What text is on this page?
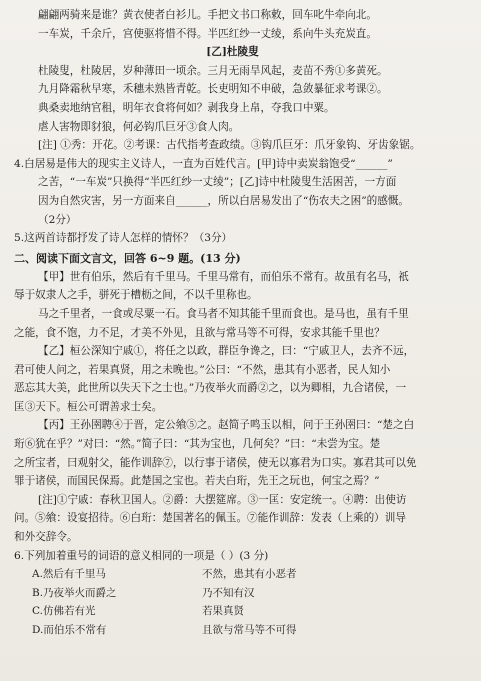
翩翩两骑来是谁？黄衣使者白衫儿。手把文书口称敕，回车叱牛牵向北。
一车炭，千余斤，宫使驱将惜不得。半匹红纱一丈绫，系向牛头充炭直。
[乙]杜陵叟
杜陵叟，杜陵居，岁种薄田一顷余。三月无雨旱风起，麦苗不秀①多黄死。
九月降霜秋早寒，禾穗未熟皆青乾。长吏明知不申破，急敛暴征求考课②。
典桑卖地纳官租，明年衣食将何如？剥我身上帛，夺我口中粟。
虐人害物即豺狼，何必钩爪巨牙③食人肉。
[注] ①秀：开花。②考课：古代指考查政绩。③钩爪巨牙：爪牙象钩、牙齿象锯。
4.白居易是伟大的现实主义诗人，一直为百姓代言。[甲]诗中卖炭翁饱受“______”
之苦，“一车炭”只换得“半匹红纱一丈绫”；[乙]诗中杜陵叟生活困苦，一方面
因为自然灾害，另一方面来自______，所以白居易发出了“伤农夫之困”的感慨。
（2分）
5.这两首诗都抒发了诗人怎样的情怀？（3分）
二、阅读下面文言文，回答 6~9 题。(13 分)
【甲】世有伯乐，然后有千里马。千里马常有，而伯乐不常有。故虽有名马，祇
辱于奴隶人之手，骈死于槽枥之间，不以千里称也。
马之千里者，一食或尽粟一石。食马者不知其能千里而食也。是马也，虽有千里
之能，食不饱，力不足，才美不外见，且欲与常马等不可得，安求其能千里也？
【乙】桓公深知宁戚①，将任之以政，群臣争谗之，曰：“宁戚卫人，去齐不远，
君可使人问之，若果真贤，用之未晚也。”公曰：“不然，患其有小恶者，民人知小
恶忘其大美，此世所以失天下之士也。”乃夜举火而爵②之，以为卿相，九合诸侯，一
匡③天下。桓公可谓善求士矣。
【丙】王孙圉聘④于晋，定公飨⑤之。赵简子鸣玉以相，问于王孙圉曰：“楚之白
珩⑥犹在乎？”对曰：“然。”简子曰：“其为宝也，几何矣？”曰：“未尝为宝。楚
之所宝者，曰观射父，能作训辞⑦，以行事于诸侯，使无以寡君为口实。寡君其可以免
罪于诸侯，而国民保焉。此楚国之宝也。若夫白珩，先王之玩也，何宝之焉？”
[注]①宁戚：春秋卫国人。②爵：大摆筵席。③一匡：安定统一。④聘：出使访
问。⑤飨：设宴招待。⑥白珩：楚国著名的佩玉。⑦能作训辞：发表（上乘的）训导
和外交辞令。
6.下列加着重号的词语的意义相同的一项是（ ）(3 分)
A.然后有千里马	不然，患其有小恶者
B.乃夜举火而爵之	乃不知有汉
C.仿佛若有光	若果真贤
D.而伯乐不常有	且欲与常马等不可得
